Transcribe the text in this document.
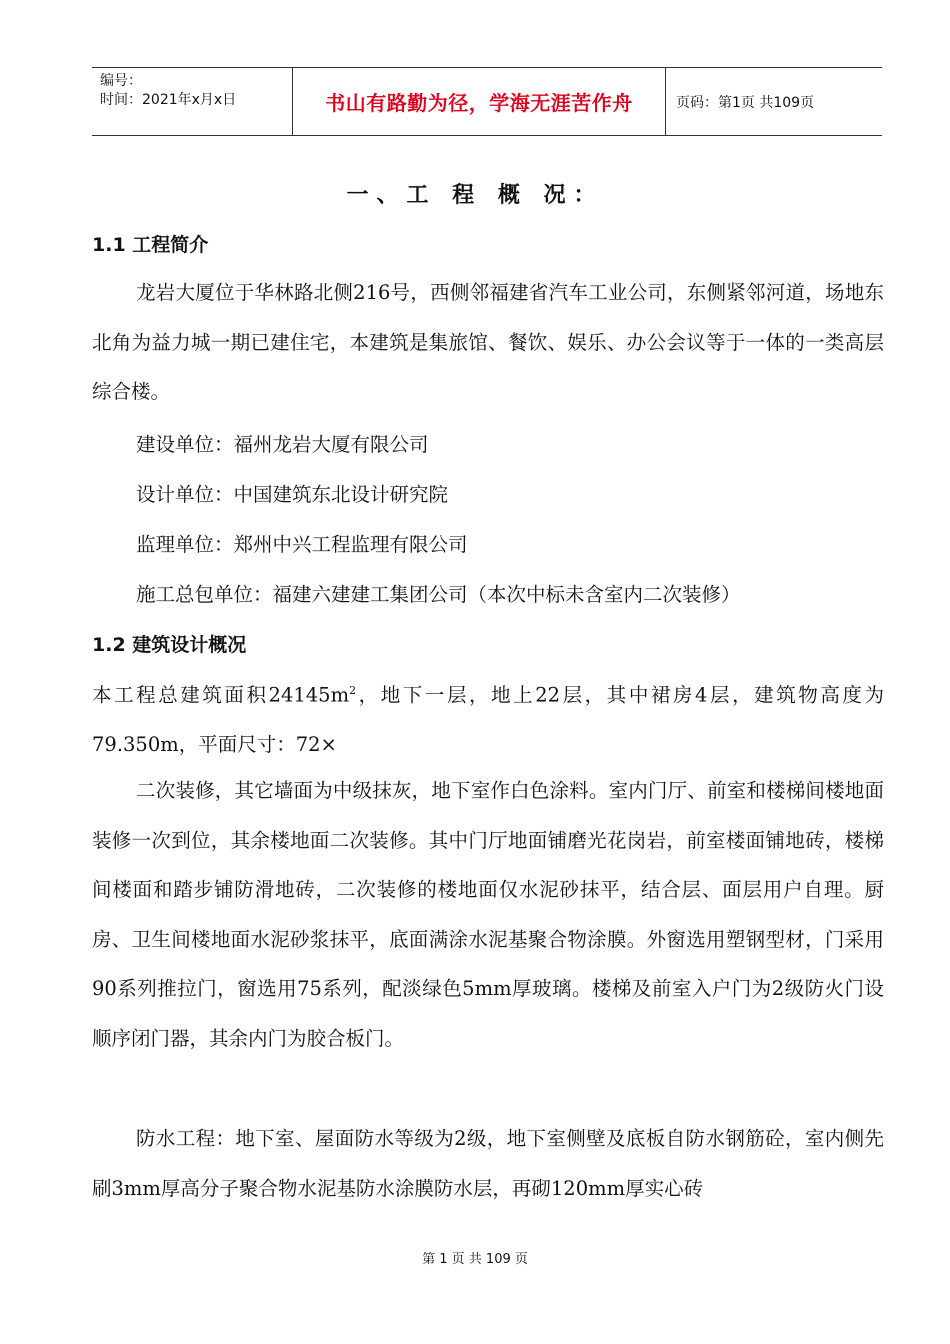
编号：
时间：2021年x月x日	书山有路勤为径，学海无涯苦作舟	页码：第1页 共109页
一、工 程 概 况：
1.1 工程简介

龙岩大厦位于华林路北侧216号，西侧邻福建省汽车工业公司，东侧紧邻河道，场地东北角为益力城一期已建住宅，本建筑是集旅馆、餐饮、娱乐、办公会议等于一体的一类高层综合楼。

建设单位：福州龙岩大厦有限公司
设计单位：中国建筑东北设计研究院
监理单位：郑州中兴工程监理有限公司
施工总包单位：福建六建建工集团公司（本次中标未含室内二次装修）
1.2 建筑设计概况

本工程总建筑面积$24145m^2$，地下一层，地上22层，其中裙房4层，建筑物高度为79.350m，平面尺寸：72×

二次装修，其它墙面为中级抹灰，地下室作白色涂料。室内门厅、前室和楼梯间楼地面装修一次到位，其余楼地面二次装修。其中门厅地面铺磨光花岗岩，前室楼面铺地砖，楼梯间楼面和踏步铺防滑地砖，二次装修的楼地面仅水泥砂抹平，结合层、面层用户自理。厨房、卫生间楼地面水泥砂浆抹平，底面满涂水泥基聚合物涂膜。外窗选用塑钢型材，门采用90系列推拉门，窗选用75系列，配淡绿色5mm厚玻璃。楼梯及前室入户门为2级防火门设顺序闭门器，其余内门为胶合板门。

防水工程：地下室、屋面防水等级为2级，地下室侧壁及底板自防水钢筋砼，室内侧先刷3mm厚高分子聚合物水泥基防水涂膜防水层，再砌120mm厚实心砖

第 1 页 共 109 页
